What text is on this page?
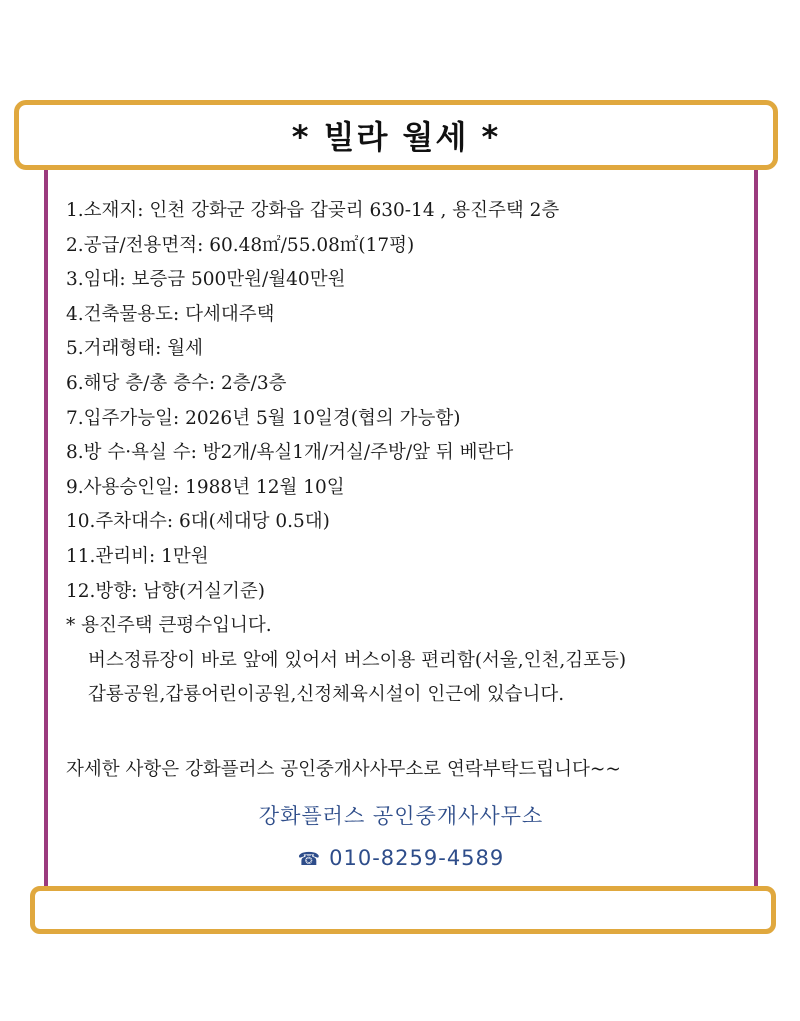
1.소재지: 인천 강화군 강화읍 갑곶리 630-14 , 용진주택 2층
2.공급/전용면적: 60.48㎡/55.08㎡(17평)
3.임대: 보증금 500만원/월40만원
4.건축물용도: 다세대주택
5.거래형태: 월세
6.해당 층/총 층수: 2층/3층
7.입주가능일: 2026년 5월 10일경(협의 가능함)
8.방 수·욕실 수: 방2개/욕실1개/거실/주방/앞 뒤 베란다
9.사용승인일: 1988년 12월 10일
10.주차대수: 6대(세대당 0.5대)
11.관리비: 1만원
12.방향: 남향(거실기준)
* 용진주택 큰평수입니다.
버스정류장이 바로 앞에 있어서 버스이용 편리함(서울,인천,김포등)
갑룡공원,갑룡어린이공원,신정체육시설이 인근에 있습니다.
자세한 사항은 강화플러스 공인중개사사무소로 연락부탁드립니다~~
강화플러스 공인중개사사무소
☎ 010-8259-4589
* 빌라 월세 *
